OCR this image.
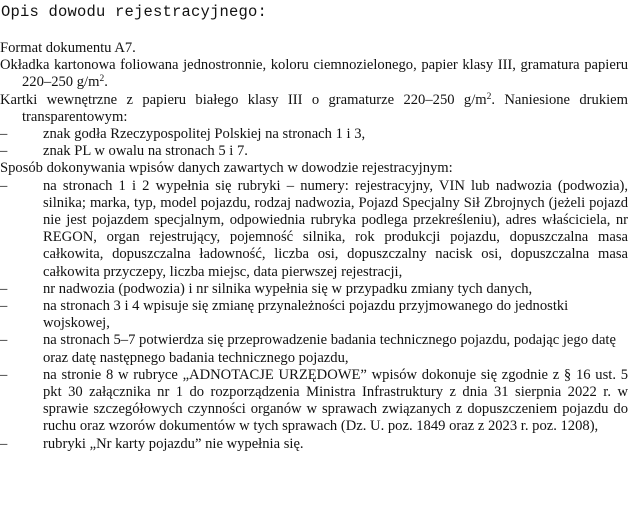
Opis dowodu rejestracyjnego:

Format dokumentu A7.

Okładka kartonowa foliowana jednostronnie, koloru ciemnozielonego, papier klasy III, gramatura papieru 220–250 $g/m^2$.

Kartki wewnętrzne z papieru białego klasy III o gramaturze 220–250 $g/m^2$. Naniesione drukiem transparentowym:

– znak godła Rzeczypospolitej Polskiej na stronach 1 i 3,
– znak PL w owalu na stronach 5 i 7.

Sposób dokonywania wpisów danych zawartych w dowodzie rejestracyjnym:

– na stronach 1 i 2 wypełnia się rubryki – numery: rejestracyjny, VIN lub nadwozia (podwozia), silnika; marka, typ, model pojazdu, rodzaj nadwozia, Pojazd Specjalny Sił Zbrojnych (jeżeli pojazd nie jest pojazdem specjalnym, odpowiednia rubryka podlega przekreśleniu), adres właściciela, nr REGON, organ rejestrujący, pojemność silnika, rok produkcji pojazdu, dopuszczalna masa całkowita, dopuszczalna ładowność, liczba osi, dopuszczalny nacisk osi, dopuszczalna masa całkowita przyczepy, liczba miejsc, data pierwszej rejestracji,
– nr nadwozia (podwozia) i nr silnika wypełnia się w przypadku zmiany tych danych,
– na stronach 3 i 4 wpisuje się zmianę przynależności pojazdu przyjmowanego do jednostki wojskowej,
– na stronach 5–7 potwierdza się przeprowadzenie badania technicznego pojazdu, podając jego datę oraz datę następnego badania technicznego pojazdu,
– na stronie 8 w rubryce „ADNOTACJE URZĘDOWE” wpisów dokonuje się zgodnie z § 16 ust. 5 pkt 30 załącznika nr 1 do rozporządzenia Ministra Infrastruktury z dnia 31 sierpnia 2022 r. w sprawie szczegółowych czynności organów w sprawach związanych z dopuszczeniem pojazdu do ruchu oraz wzorów dokumentów w tych sprawach (Dz. U. poz. 1849 oraz z 2023 r. poz. 1208),
– rubryki „Nr karty pojazdu” nie wypełnia się.
